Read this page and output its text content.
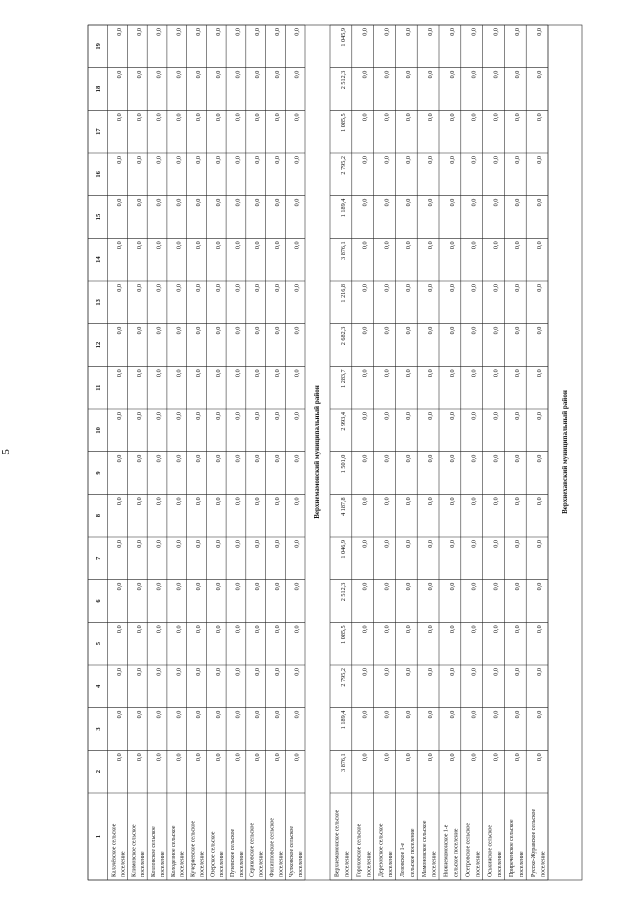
5
1
2
3
4
5
6
7
8
9
10
11
12
13
14
15
16
17
18
19
Калачёвское сельское поселение
0,0
0,0
0,0
0,0
0,0
0,0
0,0
0,0
0,0
0,0
0,0
0,0
0,0
0,0
0,0
0,0
0,0
0,0
Климовское сельское поселение
0,0
0,0
0,0
0,0
0,0
0,0
0,0
0,0
0,0
0,0
0,0
0,0
0,0
0,0
0,0
0,0
0,0
0,0
Козловское сельское поселение
0,0
0,0
0,0
0,0
0,0
0,0
0,0
0,0
0,0
0,0
0,0
0,0
0,0
0,0
0,0
0,0
0,0
0,0
Колодезное сельское поселение
0,0
0,0
0,0
0,0
0,0
0,0
0,0
0,0
0,0
0,0
0,0
0,0
0,0
0,0
0,0
0,0
0,0
0,0
Кучеряевское сельское поселение
0,0
0,0
0,0
0,0
0,0
0,0
0,0
0,0
0,0
0,0
0,0
0,0
0,0
0,0
0,0
0,0
0,0
0,0
Озерское сельское поселение
0,0
0,0
0,0
0,0
0,0
0,0
0,0
0,0
0,0
0,0
0,0
0,0
0,0
0,0
0,0
0,0
0,0
0,0
Пузевское сельское поселение
0,0
0,0
0,0
0,0
0,0
0,0
0,0
0,0
0,0
0,0
0,0
0,0
0,0
0,0
0,0
0,0
0,0
0,0
Сериковское сельское поселение
0,0
0,0
0,0
0,0
0,0
0,0
0,0
0,0
0,0
0,0
0,0
0,0
0,0
0,0
0,0
0,0
0,0
0,0
Филипповское сельское поселение
0,0
0,0
0,0
0,0
0,0
0,0
0,0
0,0
0,0
0,0
0,0
0,0
0,0
0,0
0,0
0,0
0,0
0,0
Чулковское сельское поселение
0,0
0,0
0,0
0,0
0,0
0,0
0,0
0,0
0,0
0,0
0,0
0,0
0,0
0,0
0,0
0,0
0,0
0,0
Верхнемамонское сельское поселение
3 876,1
1 189,4
2 795,2
1 085,5
2 512,3
1 046,9
4 187,8
1 501,0
2 993,4
1 283,7
2 682,3
1 216,8
3 876,1
1 189,4
2 795,2
1 085,5
2 512,3
1 045,9
Гороховское сельское поселение
0,0
0,0
0,0
0,0
0,0
0,0
0,0
0,0
0,0
0,0
0,0
0,0
0,0
0,0
0,0
0,0
0,0
0,0
Дерезовское сельское поселение
0,0
0,0
0,0
0,0
0,0
0,0
0,0
0,0
0,0
0,0
0,0
0,0
0,0
0,0
0,0
0,0
0,0
0,0
Лозовское 1-е сельское поселение
0,0
0,0
0,0
0,0
0,0
0,0
0,0
0,0
0,0
0,0
0,0
0,0
0,0
0,0
0,0
0,0
0,0
0,0
Мамоновское сельское поселение
0,0
0,0
0,0
0,0
0,0
0,0
0,0
0,0
0,0
0,0
0,0
0,0
0,0
0,0
0,0
0,0
0,0
0,0
Нижнемамонское 1-е сельское поселение
0,0
0,0
0,0
0,0
0,0
0,0
0,0
0,0
0,0
0,0
0,0
0,0
0,0
0,0
0,0
0,0
0,0
0,0
Осетровское сельское поселение
0,0
0,0
0,0
0,0
0,0
0,0
0,0
0,0
0,0
0,0
0,0
0,0
0,0
0,0
0,0
0,0
0,0
0,0
Оськинское сельское поселение
0,0
0,0
0,0
0,0
0,0
0,0
0,0
0,0
0,0
0,0
0,0
0,0
0,0
0,0
0,0
0,0
0,0
0,0
Приреченское сельское поселение
0,0
0,0
0,0
0,0
0,0
0,0
0,0
0,0
0,0
0,0
0,0
0,0
0,0
0,0
0,0
0,0
0,0
0,0
Русско-Журавское сельское поселение
0,0
0,0
0,0
0,0
0,0
0,0
0,0
0,0
0,0
0,0
0,0
0,0
0,0
0,0
0,0
0,0
0,0
0,0
Верхнемамонский муниципальный район	Верхнехавский муниципальный район
